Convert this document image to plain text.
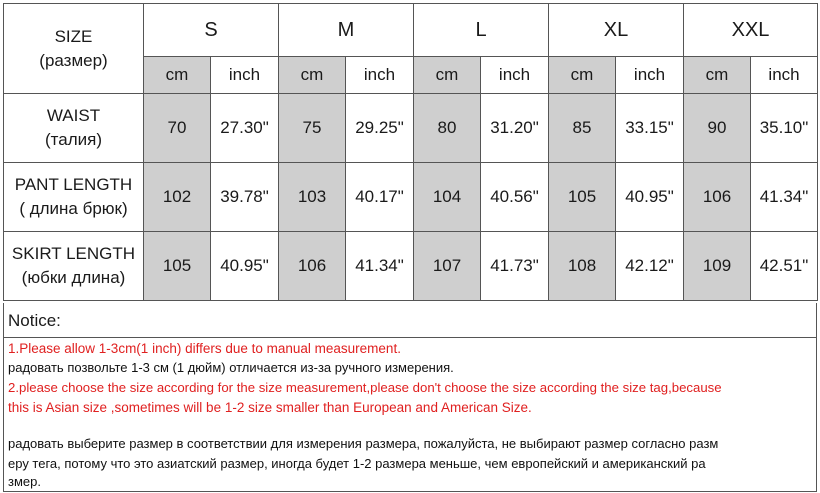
SIZE
(размер)	S		M		L		XL		XXL	
	cm	inch	cm	inch	cm	inch	cm	inch	cm	inch

WAIST
(талия)	70	27.30"	75	29.25"	80	31.20"	85	33.15"	90	35.10"

PANT LENGTH
( длина брюк)	102	39.78"	103	40.17"	104	40.56"	105	40.95"	106	41.34"

SKIRT LENGTH
(юбки длина)	105	40.95"	106	41.34"	107	41.73"	108	42.12"	109	42.51"
Notice:
1.Please allow 1-3cm(1 inch) differs due to manual measurement.
радовать позвольте 1-3 см (1 дюйм) отличается из-за ручного измерения.
2.please choose the size according for the size measurement,please don't choose the size according the size tag,because
this is Asian size ,sometimes will be 1-2 size smaller than European and American Size.
радовать выберите размер в соответствии для измерения размера, пожалуйста, не выбирают размер согласно разм
еру тега, потому что это азиатский размер, иногда будет 1-2 размера меньше, чем европейский и американский ра
змер.
